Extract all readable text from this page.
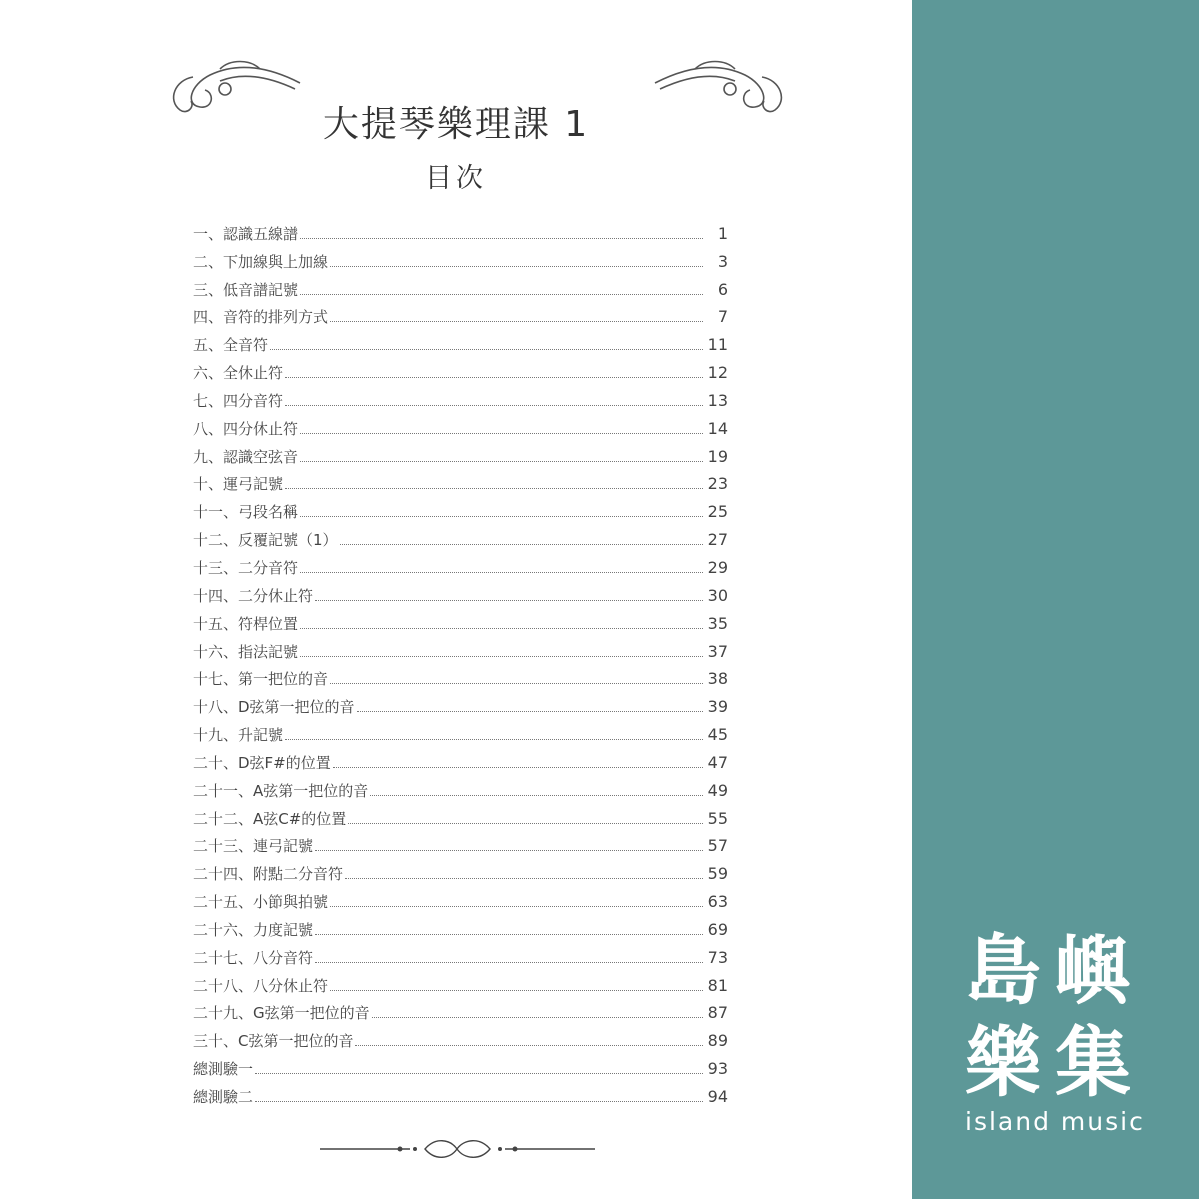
大提琴樂理課 1
目次
一、認識五線譜	1
二、下加線與上加線	3
三、低音譜記號	6
四、音符的排列方式	7
五、全音符	11
六、全休止符	12
七、四分音符	13
八、四分休止符	14
九、認識空弦音	19
十、運弓記號	23
十一、弓段名稱	25
十二、反覆記號（1）	27
十三、二分音符	29
十四、二分休止符	30
十五、符桿位置	35
十六、指法記號	37
十七、第一把位的音	38
十八、D弦第一把位的音	39
十九、升記號	45
二十、D弦F#的位置	47
二十一、A弦第一把位的音	49
二十二、A弦C#的位置	55
二十三、連弓記號	57
二十四、附點二分音符	59
二十五、小節與拍號	63
二十六、力度記號	69
二十七、八分音符	73
二十八、八分休止符	81
二十九、G弦第一把位的音	87
三十、C弦第一把位的音	89
總測驗一	93
總測驗二	94
島嶼
樂集
island music
